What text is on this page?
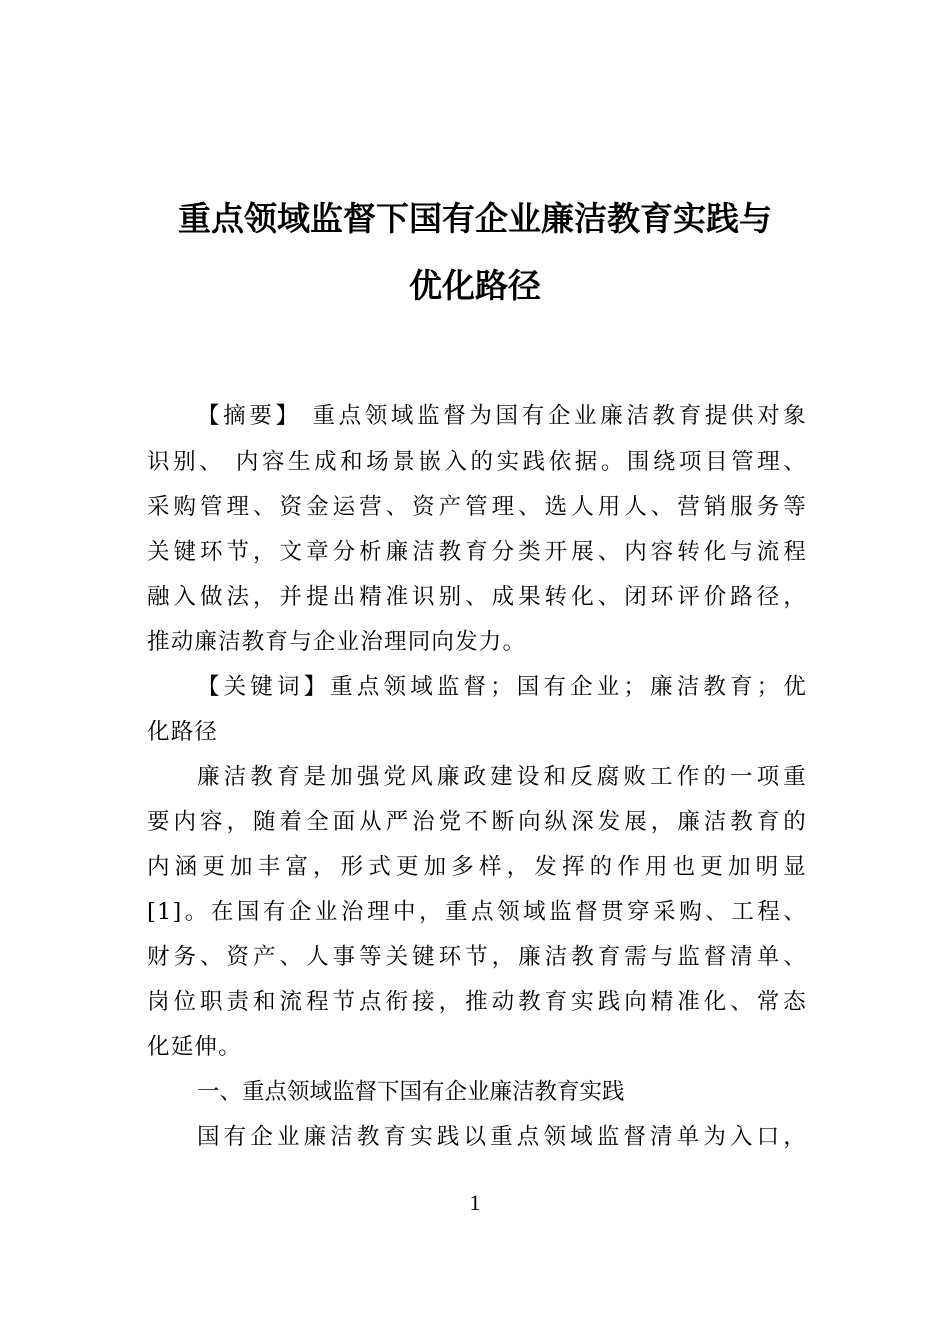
重点领域监督下国有企业廉洁教育实践与
优化路径
【摘要】 重点领域监督为国有企业廉洁教育提供对象
识别、 内容生成和场景嵌入的实践依据。围绕项目管理、
采购管理、资金运营、资产管理、选人用人、营销服务等
关键环节，文章分析廉洁教育分类开展、内容转化与流程
融入做法，并提出精准识别、成果转化、闭环评价路径，
推动廉洁教育与企业治理同向发力。
【关键词】重点领域监督；国有企业；廉洁教育；优
化路径
廉洁教育是加强党风廉政建设和反腐败工作的一项重
要内容，随着全面从严治党不断向纵深发展，廉洁教育的
内涵更加丰富，形式更加多样，发挥的作用也更加明显
[1]。在国有企业治理中，重点领域监督贯穿采购、工程、
财务、资产、人事等关键环节，廉洁教育需与监督清单、
岗位职责和流程节点衔接，推动教育实践向精准化、常态
化延伸。
一、重点领域监督下国有企业廉洁教育实践
国有企业廉洁教育实践以重点领域监督清单为入口，
1
